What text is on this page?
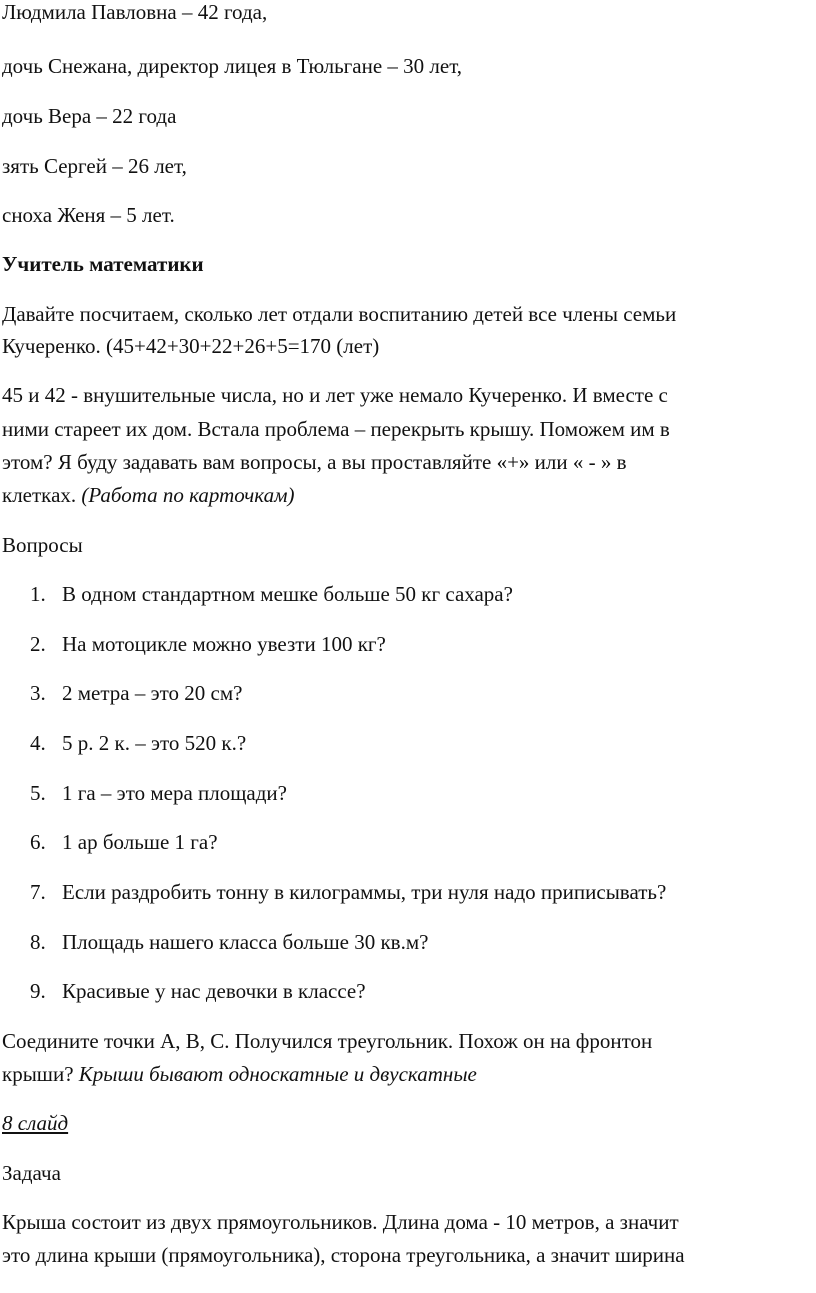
Людмила Павловна – 42 года,
дочь Снежана, директор лицея в Тюльгане – 30 лет,
дочь Вера – 22 года
зять Сергей – 26 лет,
сноха Женя – 5 лет.
Учитель математики
Давайте посчитаем, сколько лет отдали воспитанию детей все члены семьи
Кучеренко. (45+42+30+22+26+5=170 (лет)
45 и 42 - внушительные числа, но и лет уже немало Кучеренко. И вместе с
ними стареет их дом. Встала проблема – перекрыть крышу. Поможем им в
этом? Я буду задавать вам вопросы, а вы проставляйте «+» или « - » в
клетках. (Работа по карточкам)
Вопросы
1. В одном стандартном мешке больше 50 кг сахара?
2. На мотоцикле можно увезти 100 кг?
3. 2 метра – это 20 см?
4. 5 р. 2 к. – это 520 к.?
5. 1 га – это мера площади?
6. 1 ар больше 1 га?
7. Если раздробить тонну в килограммы, три нуля надо приписывать?
8. Площадь нашего класса больше 30 кв.м?
9. Красивые у нас девочки в классе?
Соедините точки А, В, С. Получился треугольник. Похож он на фронтон
крыши? Крыши бывают односкатные и двускатные
8 слайд
Задача
Крыша состоит из двух прямоугольников. Длина дома - 10 метров, а значит
это длина крыши (прямоугольника), сторона треугольника, а значит ширина
